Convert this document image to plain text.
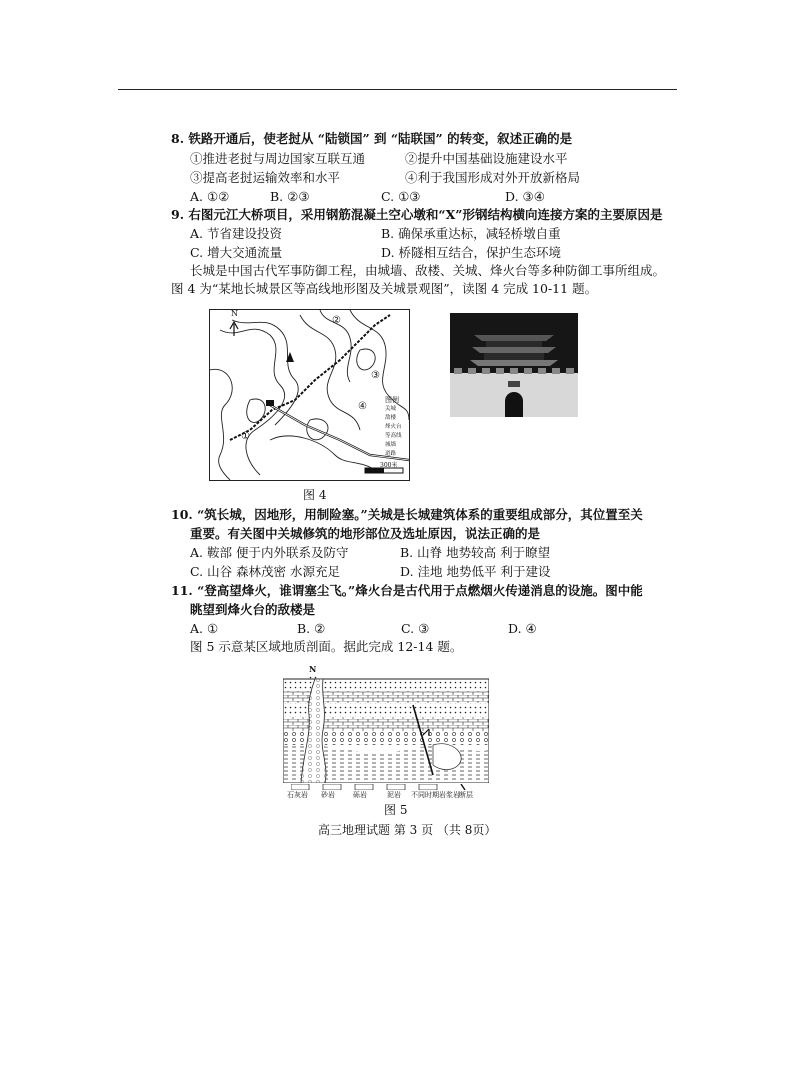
8. 铁路开通后，使老挝从 “陆锁国” 到 “陆联国” 的转变，叙述正确的是
①推进老挝与周边国家互联互通	②提升中国基础设施建设水平
③提高老挝运输效率和水平	④利于我国形成对外开放新格局
A. ①②	B. ②③	C. ①③	D. ③④
9. 右图元江大桥项目，采用钢筋混凝土空心墩和“X”形钢结构横向连接方案的主要原因是
A. 节省建设投资	B. 确保承重达标，减轻桥墩自重
C. 增大交通流量	D. 桥隧相互结合，保护生态环境
长城是中国古代军事防御工程，由城墙、敌楼、关城、烽火台等多种防御工事所组成。
图 4 为“某地长城景区等高线地形图及关城景观图”，读图 4 完成 10-11 题。
N
①
②
③
④
300米
图例
关城
敌楼
烽火台
等高线
城墙
道路
图 4
10. “筑长城，因地形，用制险塞。”关城是长城建筑体系的重要组成部分，其位置至关
重要。有关图中关城修筑的地形部位及选址原因，说法正确的是
A. 鞍部 便于内外联系及防守	B. 山脊 地势较高 利于瞭望
C. 山谷 森林茂密 水源充足	D. 洼地 地势低平 利于建设
11. “登高望烽火，谁谓塞尘飞。”烽火台是古代用于点燃烟火传递消息的设施。图中能
眺望到烽火台的敌楼是
A. ①	B. ②	C. ③	D. ④
图 5 示意某区域地质剖面。据此完成 12-14 题。
N
石灰岩 砂岩	砾岩	泥岩 不同时期岩浆岩 断层
图 5
高三地理试题 第 3 页 （共 8页）
